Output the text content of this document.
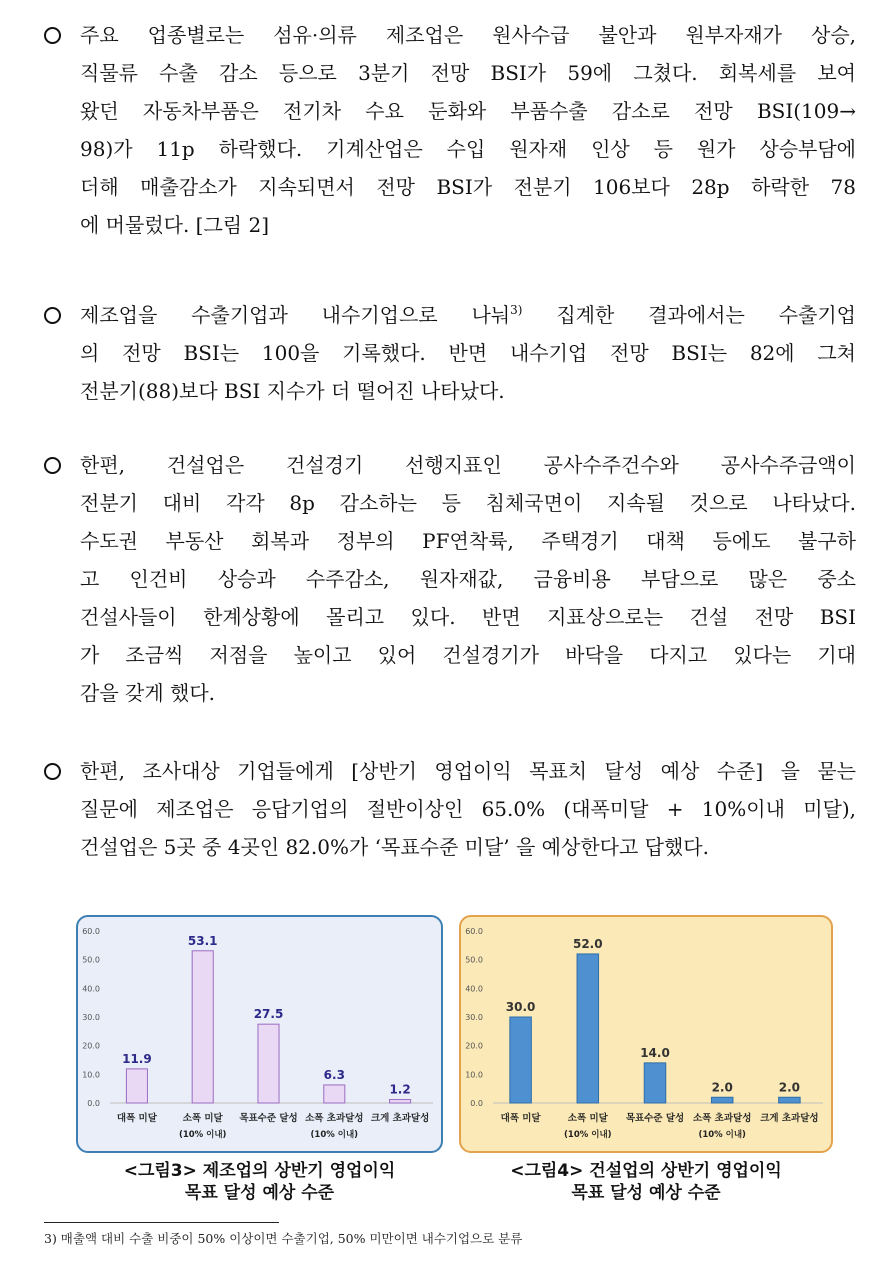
주요 업종별로는 섬유·의류 제조업은 원사수급 불안과 원부자재가 상승,
직물류 수출 감소 등으로 3분기 전망 BSI가 59에 그쳤다. 회복세를 보여
왔던 자동차부품은 전기차 수요 둔화와 부품수출 감소로 전망 BSI(109→
98)가 11p 하락했다. 기계산업은 수입 원자재 인상 등 원가 상승부담에
더해 매출감소가 지속되면서 전망 BSI가 전분기 106보다 28p 하락한 78
에 머물렀다. [그림 2]
제조업을 수출기업과 내수기업으로 나눠$^{3)}$ 집계한 결과에서는 수출기업
의 전망 BSI는 100을 기록했다. 반면 내수기업 전망 BSI는 82에 그쳐
전분기(88)보다 BSI 지수가 더 떨어진 나타났다.
한편, 건설업은 건설경기 선행지표인 공사수주건수와 공사수주금액이
전분기 대비 각각 8p 감소하는 등 침체국면이 지속될 것으로 나타났다.
수도권 부동산 회복과 정부의 PF연착륙, 주택경기 대책 등에도 불구하
고 인건비 상승과 수주감소, 원자재값, 금융비용 부담으로 많은 중소
건설사들이 한계상황에 몰리고 있다. 반면 지표상으로는 건설 전망 BSI
가 조금씩 저점을 높이고 있어 건설경기가 바닥을 다지고 있다는 기대
감을 갖게 했다.
한편, 조사대상 기업들에게 [상반기 영업이익 목표치 달성 예상 수준] 을 묻는
질문에 제조업은 응답기업의 절반이상인 65.0% (대폭미달 + 10%이내 미달),
건설업은 5곳 중 4곳인 82.0%가 ‘목표수준 미달’ 을 예상한다고 답했다.
0.0
10.0
20.0
30.0
40.0
50.0
60.0
11.9
대폭 미달
53.1
소폭 미달
(10% 이내)
27.5
목표수준 달성
6.3
소폭 초과달성
(10% 이내)
1.2
크게 초과달성
0.0
10.0
20.0
30.0
40.0
50.0
60.0
30.0
대폭 미달
52.0
소폭 미달
(10% 이내)
14.0
목표수준 달성
2.0
소폭 초과달성
(10% 이내)
2.0
크게 초과달성
<그림3> 제조업의 상반기 영업이익
목표 달성 예상 수준
<그림4> 건설업의 상반기 영업이익
목표 달성 예상 수준
3) 매출액 대비 수출 비중이 50% 이상이면 수출기업, 50% 미만이면 내수기업으로 분류
